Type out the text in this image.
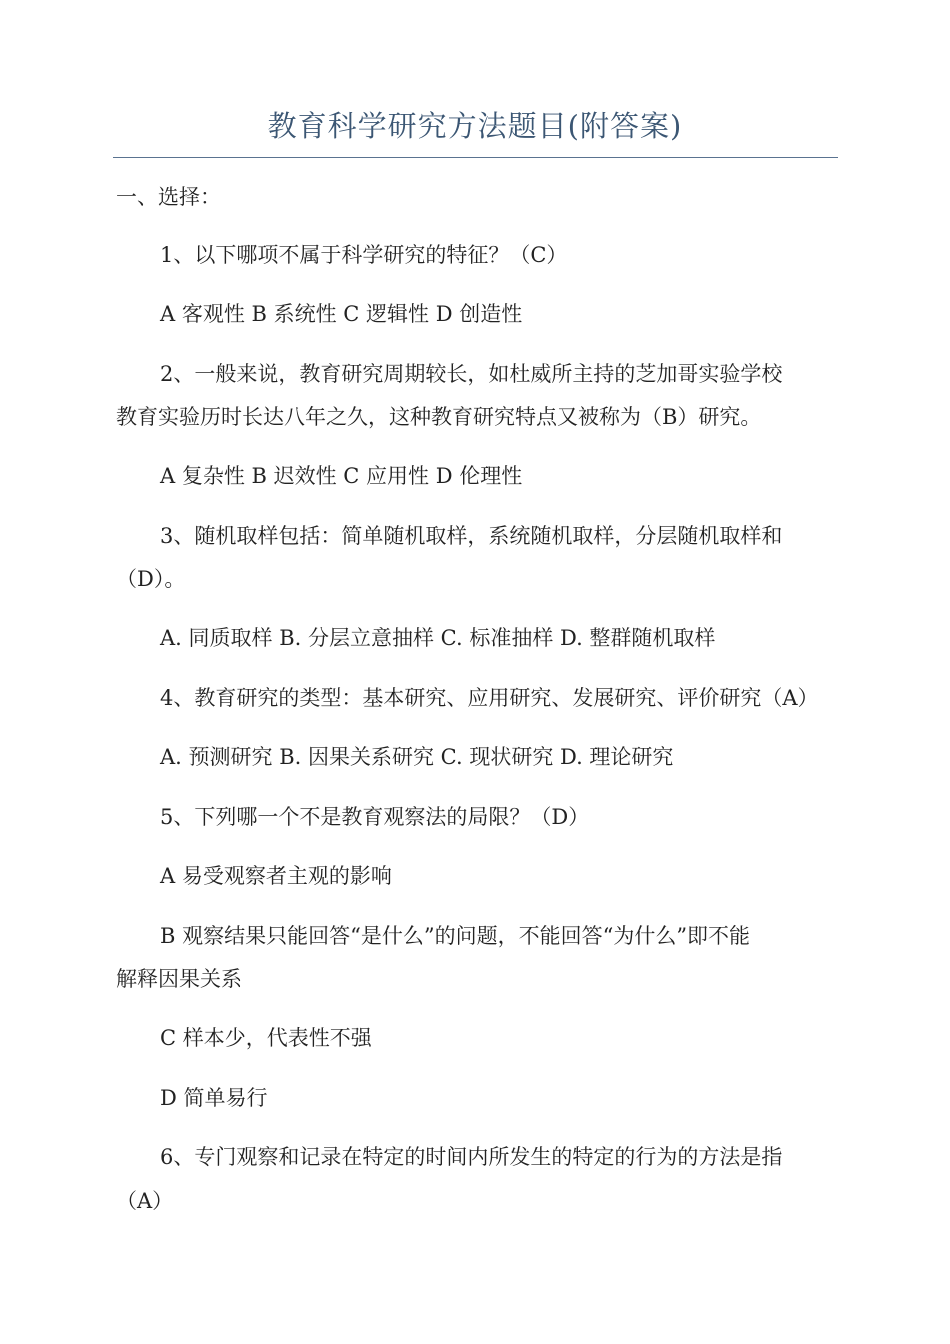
教育科学研究方法题目(附答案)
一、选择：
1、以下哪项不属于科学研究的特征？（C）
A 客观性 B 系统性 C 逻辑性 D 创造性
2、一般来说，教育研究周期较长，如杜威所主持的芝加哥实验学校
教育实验历时长达八年之久，这种教育研究特点又被称为（B）研究。
A 复杂性 B 迟效性 C 应用性 D 伦理性
3、随机取样包括：简单随机取样，系统随机取样，分层随机取样和
（D）。
A. 同质取样 B. 分层立意抽样 C. 标准抽样 D. 整群随机取样
4、教育研究的类型：基本研究、应用研究、发展研究、评价研究（A）
A. 预测研究 B. 因果关系研究 C. 现状研究 D. 理论研究
5、下列哪一个不是教育观察法的局限？（D）
A 易受观察者主观的影响
B 观察结果只能回答“是什么”的问题，不能回答“为什么”即不能
解释因果关系
C 样本少，代表性不强
D 简单易行
6、专门观察和记录在特定的时间内所发生的特定的行为的方法是指
（A）
